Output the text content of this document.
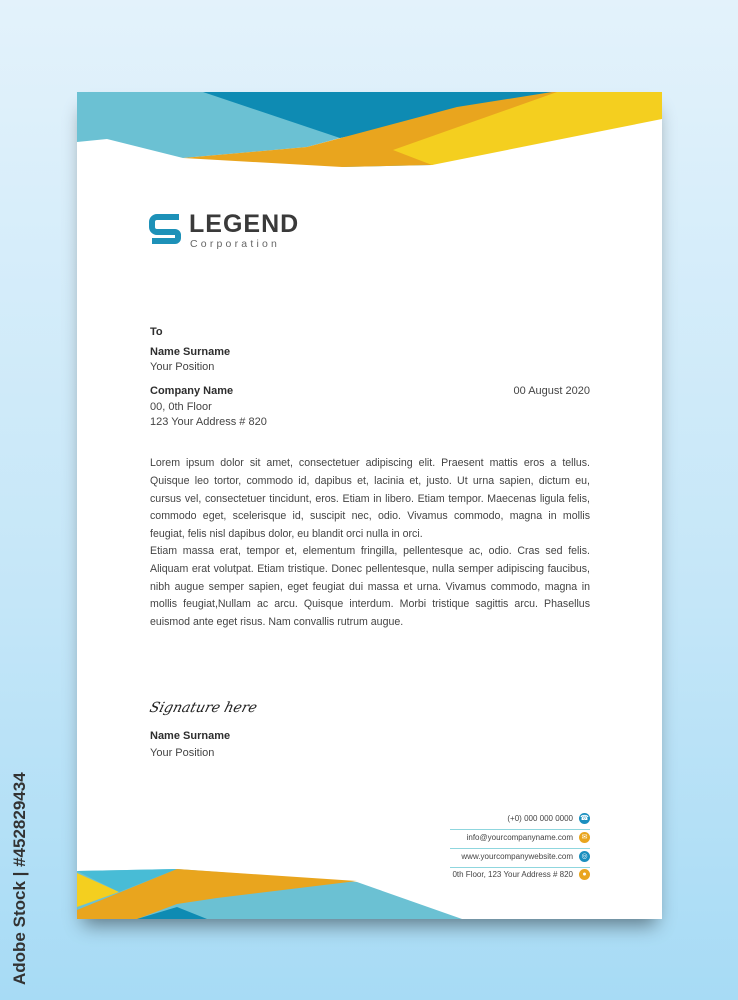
LEGEND
Corporation
To
Name Surname
Your Position
Company Name
00, 0th Floor
123 Your Address # 820
00 August 2020

Lorem ipsum dolor sit amet, consectetuer adipiscing elit. Praesent mattis eros a tellus. Quisque leo tortor, commodo id, dapibus et, lacinia et, justo. Ut urna sapien, dictum eu, cursus vel, consectetuer tincidunt, eros. Etiam in libero. Etiam tempor. Maecenas ligula felis, commodo eget, scelerisque id, suscipit nec, odio. Vivamus commodo, magna in mollis feugiat, felis nisl dapibus dolor, eu blandit orci nulla in orci.

Etiam massa erat, tempor et, elementum fringilla, pellentesque ac, odio. Cras sed felis. Aliquam erat volutpat. Etiam tristique. Donec pellentesque, nulla semper adipiscing faucibus, nibh augue semper sapien, eget feugiat dui massa et urna. Vivamus commodo, magna in mollis feugiat,Nullam ac arcu. Quisque interdum. Morbi tristique sagittis arcu. Phasellus euismod ante eget risus. Nam convallis rutrum augue.

Signature here
Name Surname
Your Position
(+0) 000 000 0000 ☎
info@yourcompanyname.com	✉
www.yourcompanywebsite.com	◎
0th Floor, 123 Your Address # 820	●
Adobe Stock | #452829434
